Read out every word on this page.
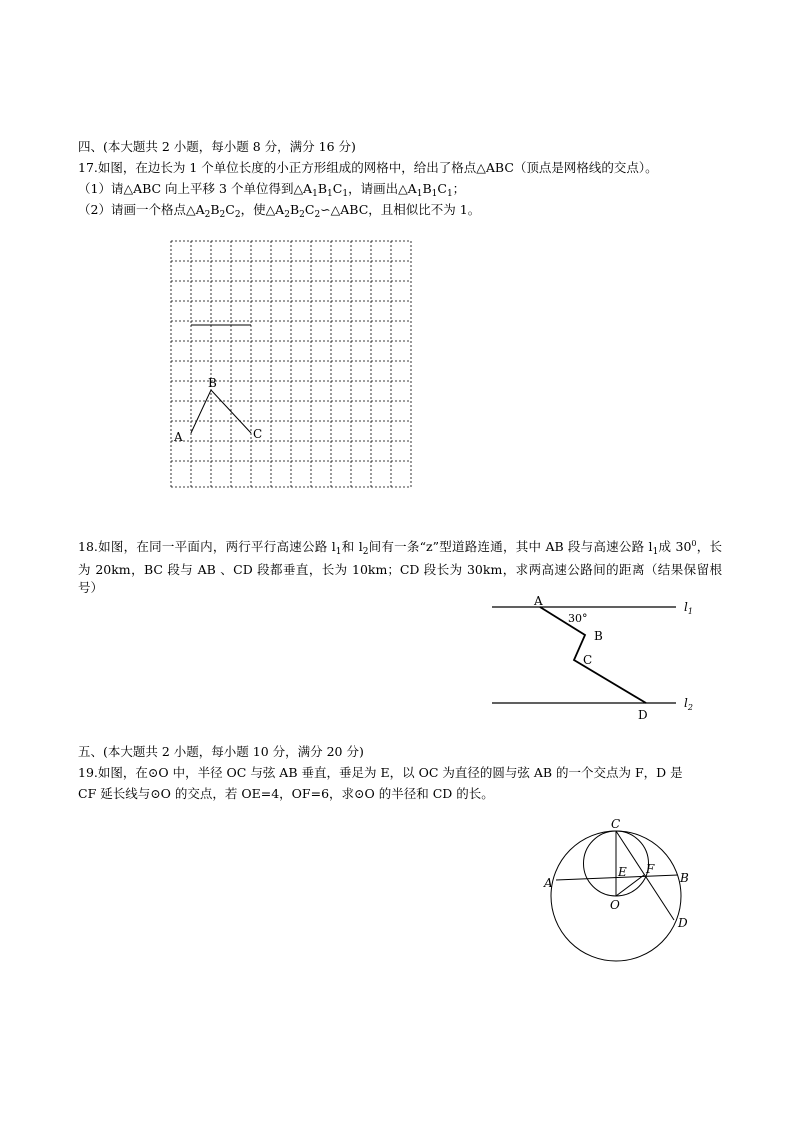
四、(本大题共 2 小题，每小题 8 分，满分 16 分)
17.如图，在边长为 1 个单位长度的小正方形组成的网格中，给出了格点△ABC（顶点是网格线的交点）。
（1）请△ABC 向上平移 3 个单位得到$\triangle A_1B_1C_1$，请画出$\triangle A_1B_1C_1$；
（2）请画一个格点$\triangle A_2B_2C_2$，使$\triangle A_2B_2C_2∽\triangle ABC$，且相似比不为 1。
A
B
C
18.如图，在同一平面内，两行平行高速公路 $l_1$和 $l_2$间有一条“z”型道路连通，其中 AB 段与高速公路 $l_1$成 $30^0$，长为 20km，BC 段与 AB 、CD 段都垂直，长为 10km；CD 段长为 30km，求两高速公路间的距离（结果保留根号）
A
30°
B
C
D
$l_1$
$l_2$
五、(本大题共 2 小题，每小题 10 分，满分 20 分)
19.如图，在⊙O 中，半径 OC 与弦 AB 垂直，垂足为 E，以 OC 为直径的圆与弦 AB 的一个交点为 F，D 是
CF 延长线与⊙O 的交点，若 OE=4，OF=6，求⊙O 的半径和 CD 的长。
C
A	B
E F
O
D
